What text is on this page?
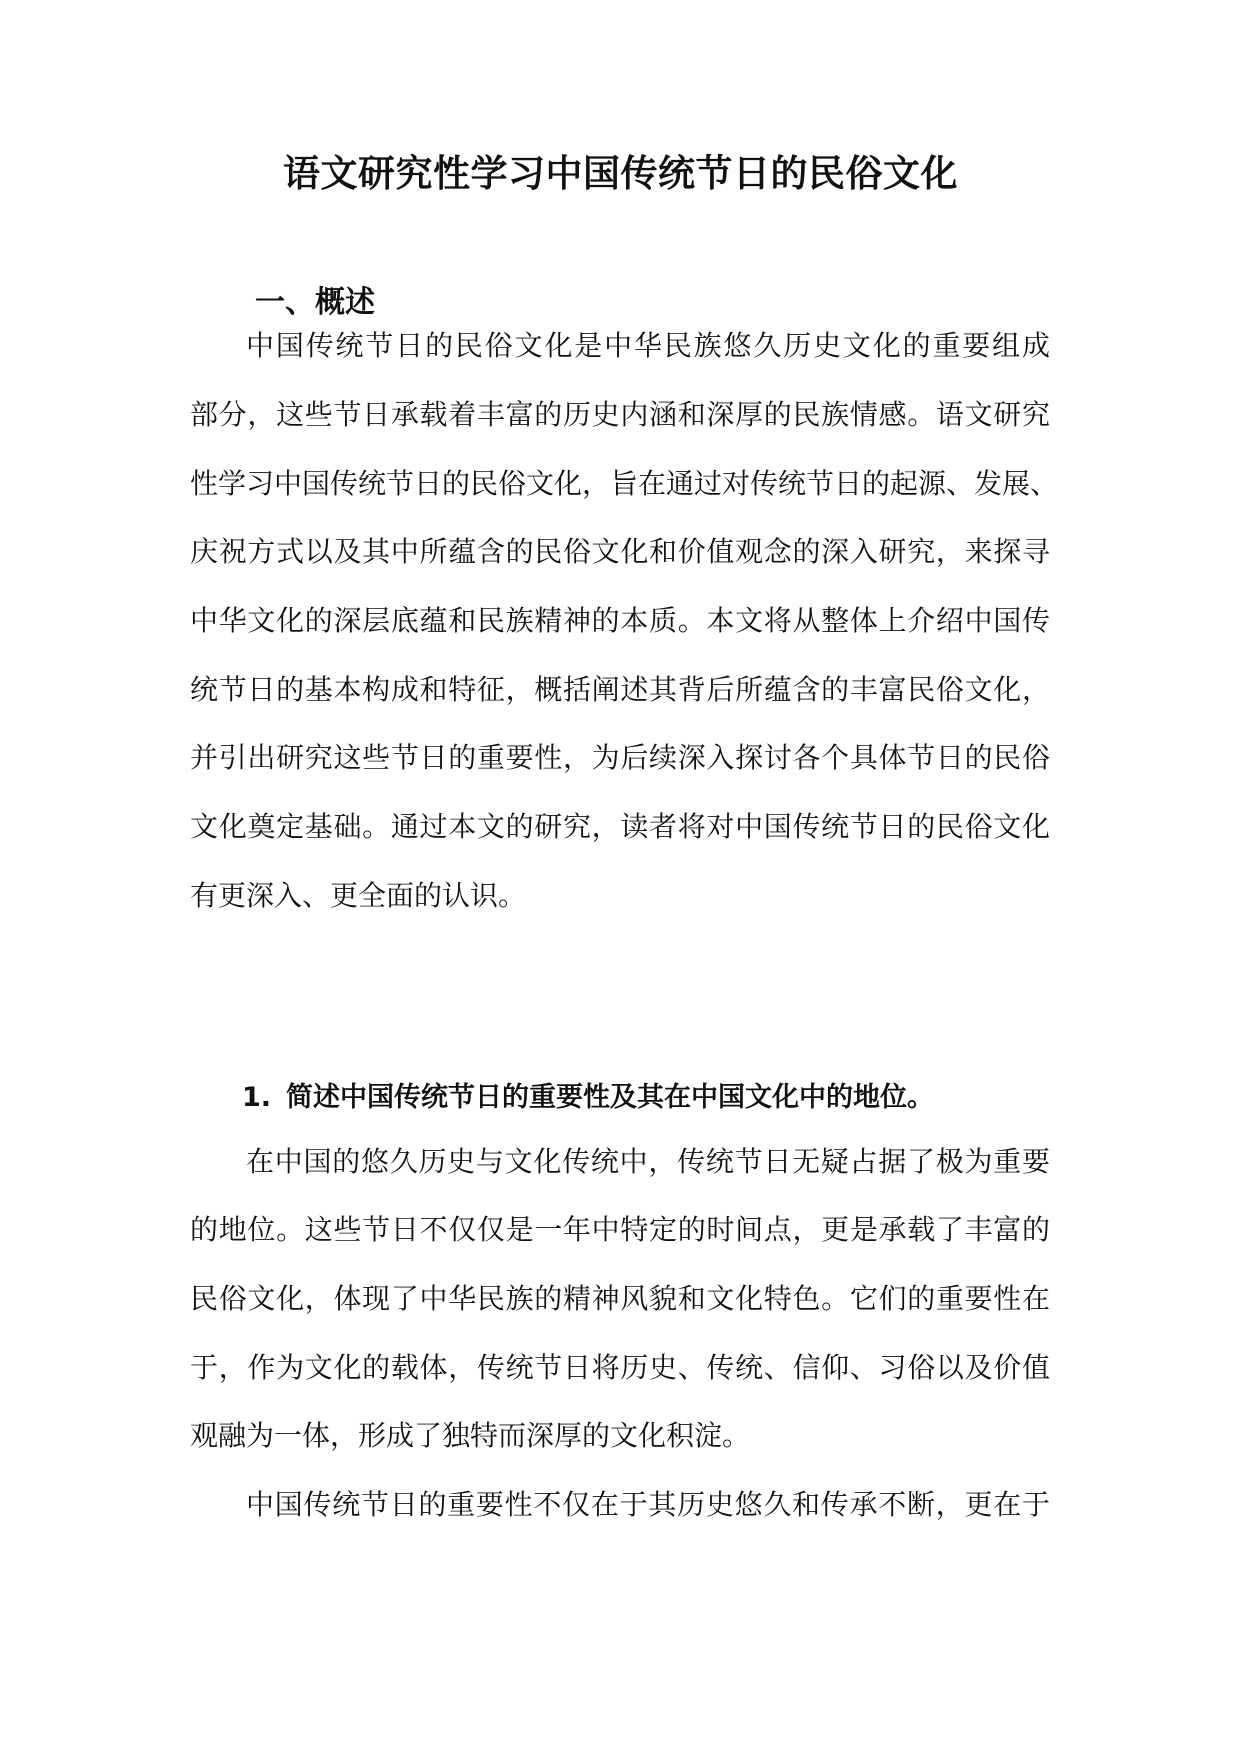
语文研究性学习中国传统节日的民俗文化
一、概述
中国传统节日的民俗文化是中华民族悠久历史文化的重要组成
部分，这些节日承载着丰富的历史内涵和深厚的民族情感。语文研究
性学习中国传统节日的民俗文化，旨在通过对传统节日的起源、发展、
庆祝方式以及其中所蕴含的民俗文化和价值观念的深入研究，来探寻
中华文化的深层底蕴和民族精神的本质。本文将从整体上介绍中国传
统节日的基本构成和特征，概括阐述其背后所蕴含的丰富民俗文化，
并引出研究这些节日的重要性，为后续深入探讨各个具体节日的民俗
文化奠定基础。通过本文的研究，读者将对中国传统节日的民俗文化
有更深入、更全面的认识。
1. 简述中国传统节日的重要性及其在中国文化中的地位。
在中国的悠久历史与文化传统中，传统节日无疑占据了极为重要
的地位。这些节日不仅仅是一年中特定的时间点，更是承载了丰富的
民俗文化，体现了中华民族的精神风貌和文化特色。它们的重要性在
于，作为文化的载体，传统节日将历史、传统、信仰、习俗以及价值
观融为一体，形成了独特而深厚的文化积淀。
中国传统节日的重要性不仅在于其历史悠久和传承不断，更在于
